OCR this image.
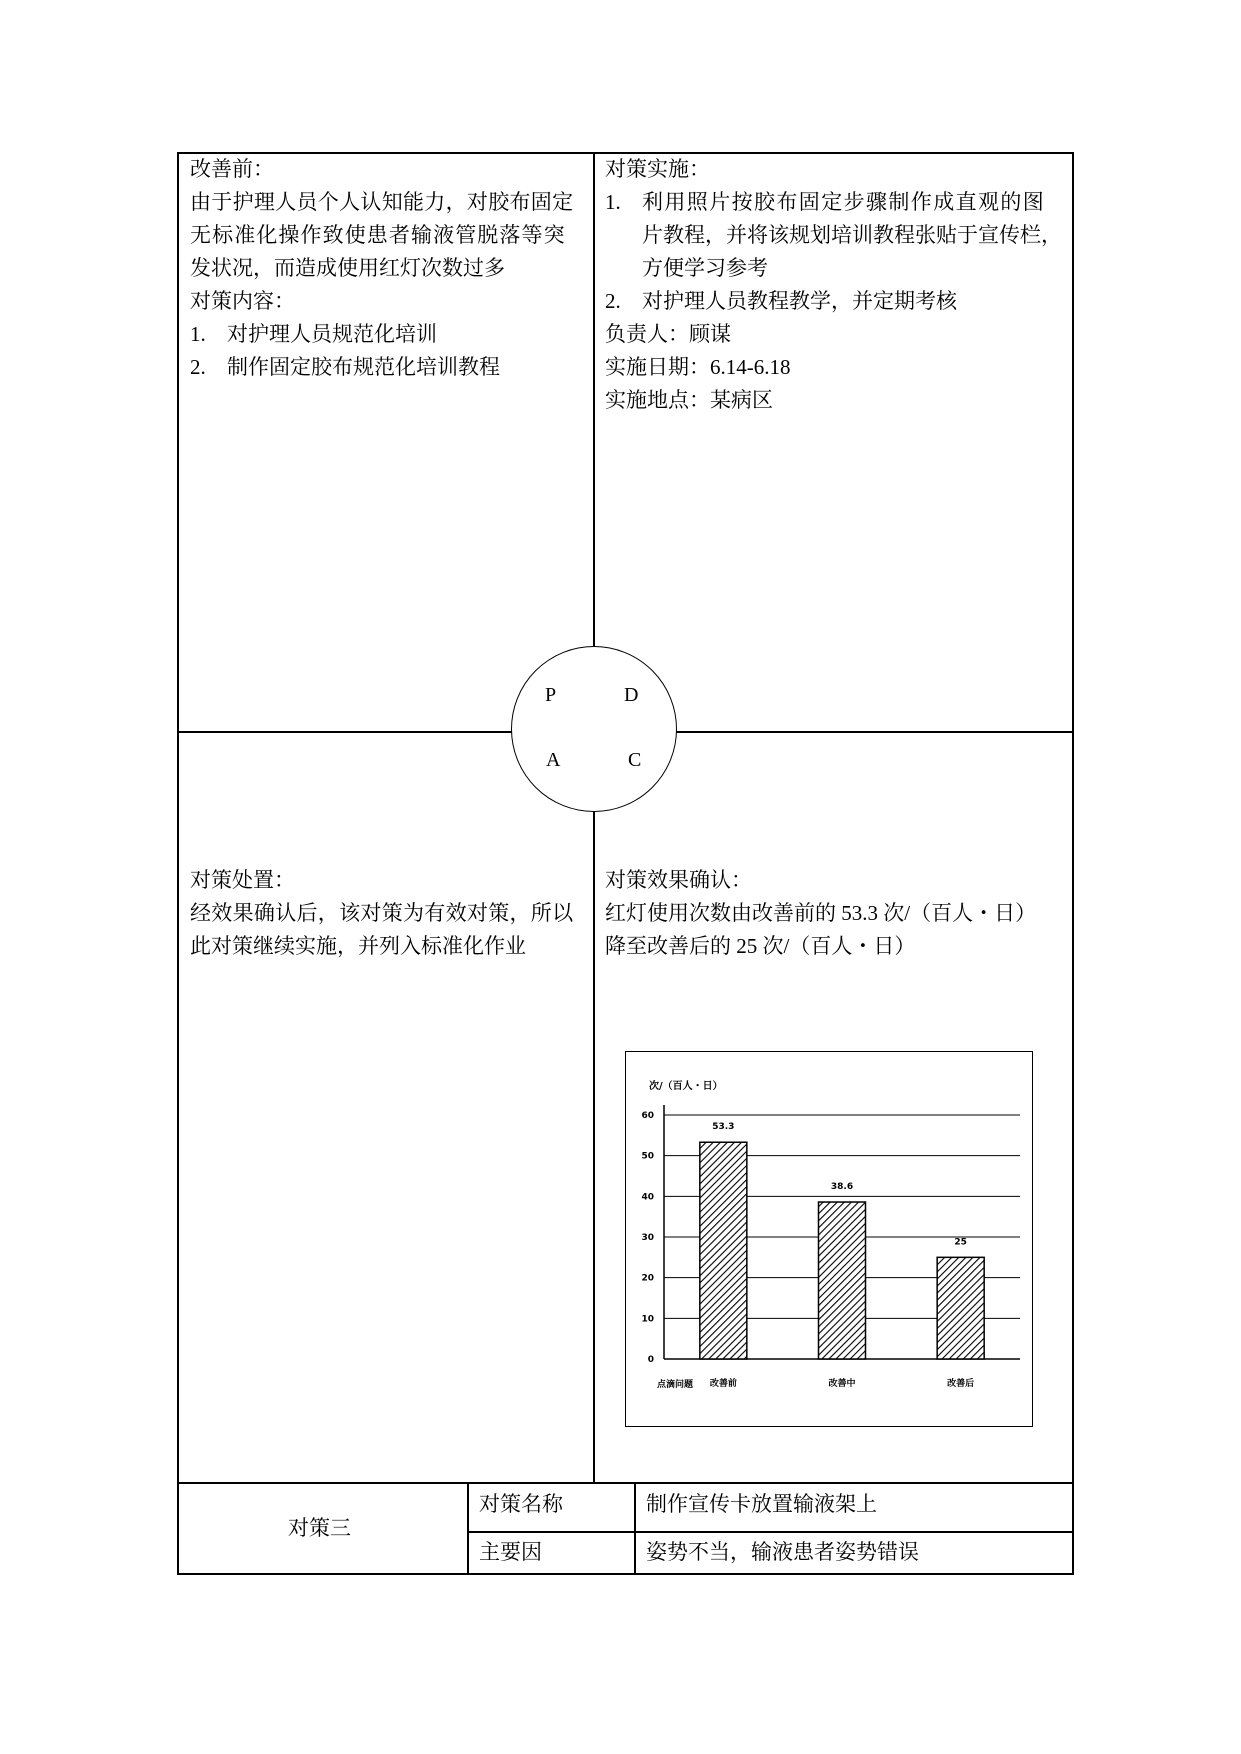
改善前：
由于护理人员个人认知能力，对胶布固定
无标准化操作致使患者输液管脱落等突
发状况，而造成使用红灯次数过多
对策内容：
1. 对护理人员规范化培训
2. 制作固定胶布规范化培训教程
对策实施：
1. 利用照片按胶布固定步骤制作成直观的图
片教程，并将该规划培训教程张贴于宣传栏，
方便学习参考
2. 对护理人员教程教学，并定期考核
负责人：顾谋
实施日期：6.14-6.18
实施地点：某病区
P	D
A	C
对策处置：
经效果确认后，该对策为有效对策，所以
此对策继续实施，并列入标准化作业
对策效果确认：
红灯使用次数由改善前的 53.3 次/（百人・日）
降至改善后的 25 次/（百人・日）
0
10
20
30
40
50
60
53.3
38.6
25
改善前	改善中	改善后
次/（百人・日）
点滴问题
对策三
对策名称	制作宣传卡放置输液架上
主要因	姿势不当，输液患者姿势错误
